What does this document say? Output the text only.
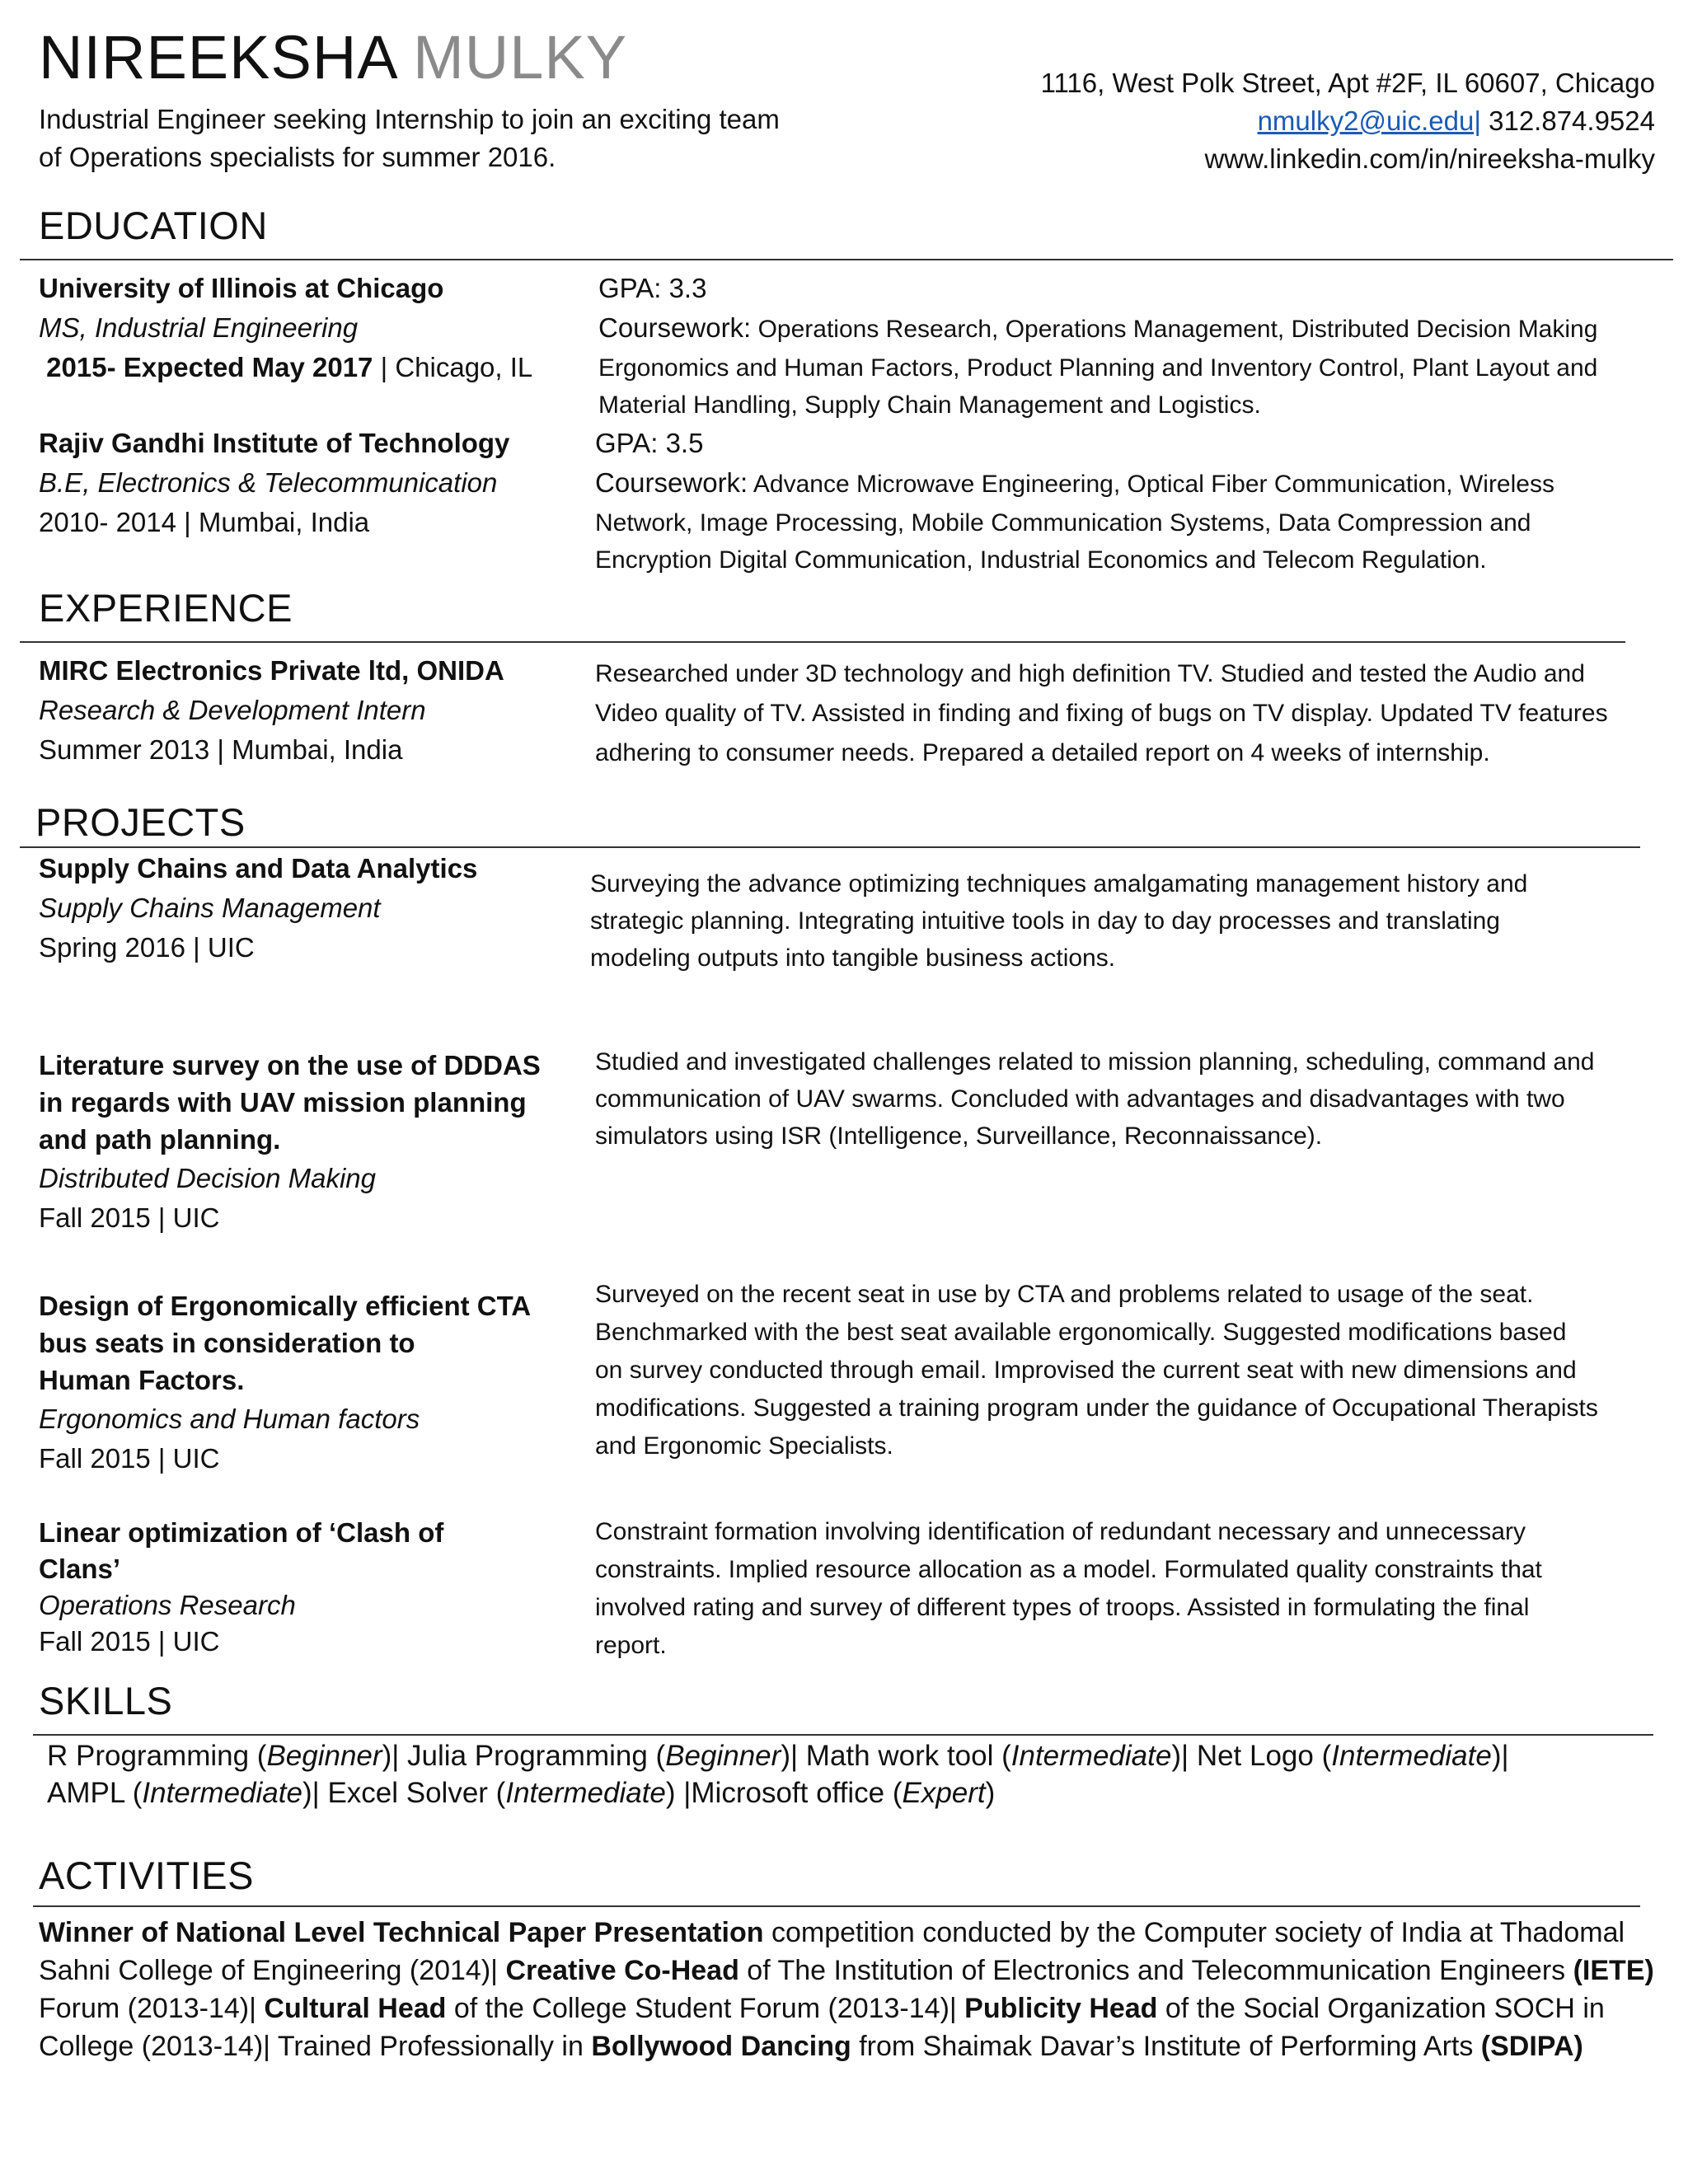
NIREEKSHA MULKY
Industrial Engineer seeking Internship to join an exciting team
of Operations specialists for summer 2016.
1116, West Polk Street, Apt #2F, IL 60607, Chicago
nmulky2@uic.edu| 312.874.9524
www.linkedin.com/in/nireeksha-mulky
EDUCATION
University of Illinois at Chicago
MS, Industrial Engineering
2015- Expected May 2017 | Chicago, IL
GPA: 3.3
Coursework: Operations Research, Operations Management, Distributed Decision Making
Ergonomics and Human Factors, Product Planning and Inventory Control, Plant Layout and
Material Handling, Supply Chain Management and Logistics.
Rajiv Gandhi Institute of Technology
B.E, Electronics & Telecommunication
2010- 2014 | Mumbai, India
GPA: 3.5
Coursework: Advance Microwave Engineering, Optical Fiber Communication, Wireless
Network, Image Processing, Mobile Communication Systems, Data Compression and
Encryption Digital Communication, Industrial Economics and Telecom Regulation.
EXPERIENCE
MIRC Electronics Private ltd, ONIDA
Research & Development Intern
Summer 2013 | Mumbai, India
Researched under 3D technology and high definition TV. Studied and tested the Audio and
Video quality of TV. Assisted in finding and fixing of bugs on TV display. Updated TV features
adhering to consumer needs. Prepared a detailed report on 4 weeks of internship.
PROJECTS
Supply Chains and Data Analytics
Supply Chains Management
Spring 2016 | UIC
Surveying the advance optimizing techniques amalgamating management history and
strategic planning. Integrating intuitive tools in day to day processes and translating
modeling outputs into tangible business actions.
Literature survey on the use of DDDAS
in regards with UAV mission planning
and path planning.
Distributed Decision Making
Fall 2015 | UIC
Studied and investigated challenges related to mission planning, scheduling, command and
communication of UAV swarms. Concluded with advantages and disadvantages with two
simulators using ISR (Intelligence, Surveillance, Reconnaissance).
Design of Ergonomically efficient CTA
bus seats in consideration to
Human Factors.
Ergonomics and Human factors
Fall 2015 | UIC
Surveyed on the recent seat in use by CTA and problems related to usage of the seat.
Benchmarked with the best seat available ergonomically. Suggested modifications based
on survey conducted through email. Improvised the current seat with new dimensions and
modifications. Suggested a training program under the guidance of Occupational Therapists
and Ergonomic Specialists.
Linear optimization of ‘Clash of
Clans’
Operations Research
Fall 2015 | UIC
Constraint formation involving identification of redundant necessary and unnecessary
constraints. Implied resource allocation as a model. Formulated quality constraints that
involved rating and survey of different types of troops. Assisted in formulating the final
report.
SKILLS
R Programming (Beginner)| Julia Programming (Beginner)| Math work tool (Intermediate)| Net Logo (Intermediate)|
AMPL (Intermediate)| Excel Solver (Intermediate) |Microsoft office (Expert)
ACTIVITIES
Winner of National Level Technical Paper Presentation competition conducted by the Computer society of India at Thadomal Sahni College of Engineering (2014)| Creative Co-Head of The Institution of Electronics and Telecommunication Engineers (IETE) Forum (2013-14)| Cultural Head of the College Student Forum (2013-14)| Publicity Head of the Social Organization SOCH in College (2013-14)| Trained Professionally in Bollywood Dancing from Shaimak Davar’s Institute of Performing Arts (SDIPA)
